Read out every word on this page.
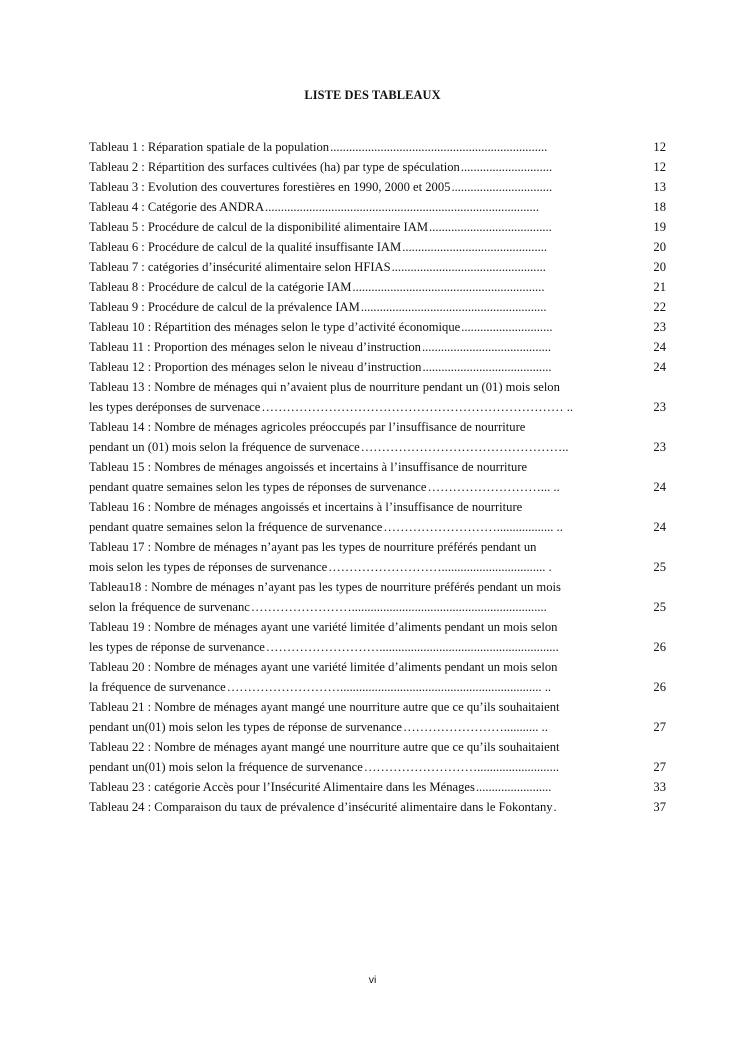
LISTE DES TABLEAUX
Tableau 1 : Réparation spatiale de la population .....................................................................	12
Tableau 2 : Répartition des surfaces cultivées (ha) par type de spéculation .............................	12
Tableau 3 : Evolution des couvertures forestières en 1990, 2000 et 2005 ................................	13
Tableau 4 : Catégorie des ANDRA .......................................................................................	18
Tableau 5 : Procédure de calcul de la disponibilité alimentaire IAM .......................................	19
Tableau 6 : Procédure de calcul de la qualité insuffisante IAM ..............................................	20
Tableau 7 : catégories d’insécurité alimentaire selon HFIAS .................................................	20
Tableau 8 : Procédure de calcul de la catégorie IAM .............................................................	21
Tableau 9 : Procédure de calcul de la prévalence IAM ...........................................................	22
Tableau 10 : Répartition des ménages selon le type d’activité économique .............................	23
Tableau 11 : Proportion des ménages selon le niveau d’instruction .........................................	24
Tableau 12 : Proportion des ménages selon le niveau d’instruction .........................................	24
Tableau 13 : Nombre de ménages qui n’avaient plus de nourriture pendant un (01) mois selon
les types deréponses de survenace ……………………………………………………………… ..	23
Tableau 14 : Nombre de ménages agricoles préoccupés par l’insuffisance de nourriture
pendant un (01) mois selon la fréquence de survenace …………………………………………..	23
Tableau 15 : Nombres de ménages angoissés et incertains à l’insuffisance de nourriture
pendant quatre semaines selon les types de réponses de survenance ………………………... ..	24
Tableau 16 : Nombre de ménages angoissés et incertains à l’insuffisance de nourriture
pendant quatre semaines selon la fréquence de survenance ……………………….................. ..	24
Tableau 17 : Nombre de ménages n’ayant pas les types de nourriture préférés pendant un
mois selon les types de réponses de survenance ………………………................................. .	25
Tableau18 : Nombre de ménages n’ayant pas les types de nourriture préférés pendant un mois
selon la fréquence de survenanc ……………………..............................................................	25
Tableau 19 : Nombre de ménages ayant une variété limitée d’aliments pendant un mois selon
les types de réponse de survenance ……………………….........................................................	26
Tableau 20 : Nombre de ménages ayant une variété limitée d’aliments pendant un mois selon
la fréquence de survenance ………………………................................................................ ..	26
Tableau 21 : Nombre de ménages ayant mangé une nourriture autre que ce qu’ils souhaitaient
pendant un(01) mois selon les types de réponse de survenance ……………………........... ..	27
Tableau 22 : Nombre de ménages ayant mangé une nourriture autre que ce qu’ils souhaitaient
pendant un(01) mois selon la fréquence de survenance ………………………..........................	27
Tableau 23 : catégorie Accès pour l’Insécurité Alimentaire dans les Ménages ........................	33
Tableau 24 : Comparaison du taux de prévalence d’insécurité alimentaire dans le Fokontany .	37
vi
